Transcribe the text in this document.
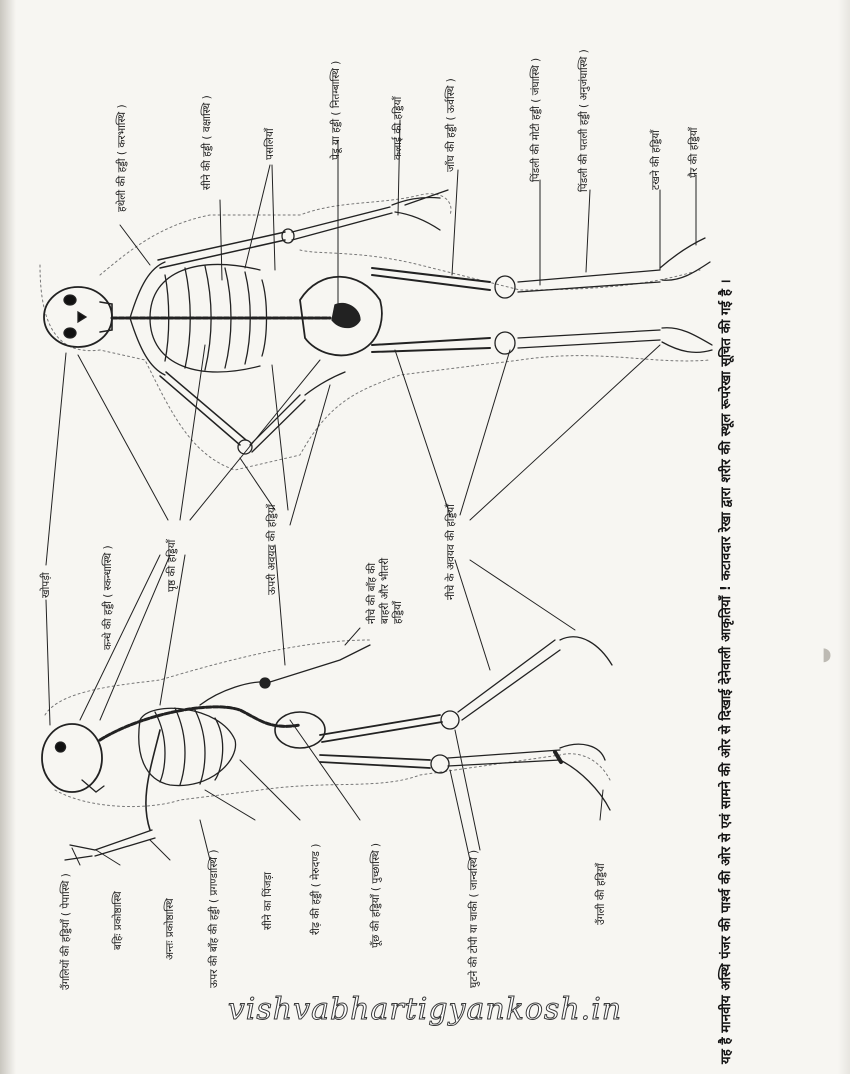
हथेली की हड्डी ( करभास्थि )	सीने की हड्डी ( वक्षास्थि )	पसलियाँ	पेडू या हड्डी ( नितम्बास्थि )	कलाई की हड्डियाँ	जाँघ की हड्डी ( ऊर्वस्थि )	पिंडली की मोटी हड्डी ( जंघास्थि )	पिंडली की पतली हड्डी ( अनुजंघास्थि )	टखने की हड्डियाँ पैर की हड्डियाँ
खोपड़ी	कन्धे की हड्डी ( स्कन्धास्थि )	पृष्ठ की हड्डियाँ	ऊपरी अवयव की हड्डियाँ	नीचे की बाँह की बाहरी और भीतरी हड्डियाँ
नीचे के अवयव की हड्डियाँ
उँगलियों की हड्डियाँ ( पेपास्थि )	बहिः प्रकोष्ठास्थि	अन्तः प्रकोष्ठास्थि	ऊपर की बाँह की हड्डी ( प्रगण्डास्थि )	सीने का पिंजड़ा	रीढ़ की हड्डी ( मेरुदण्ड )	पूँछ की हड्डियाँ ( पुच्छास्थि )	घुटने की टोपी या चाकी ( जान्वस्थि )	उँगली की हड्डियाँ	यह है मानवीय अस्थि पंजर की पार्श्व की ओर से एवं सामने की ओर से दिखाई देनेवाली आकृतियाँ ! कटावदार रेखा द्वारा शरीर की स्थूल रूपरेखा सूचित की गई है ।
vishvabhartigyankosh.in
◗
